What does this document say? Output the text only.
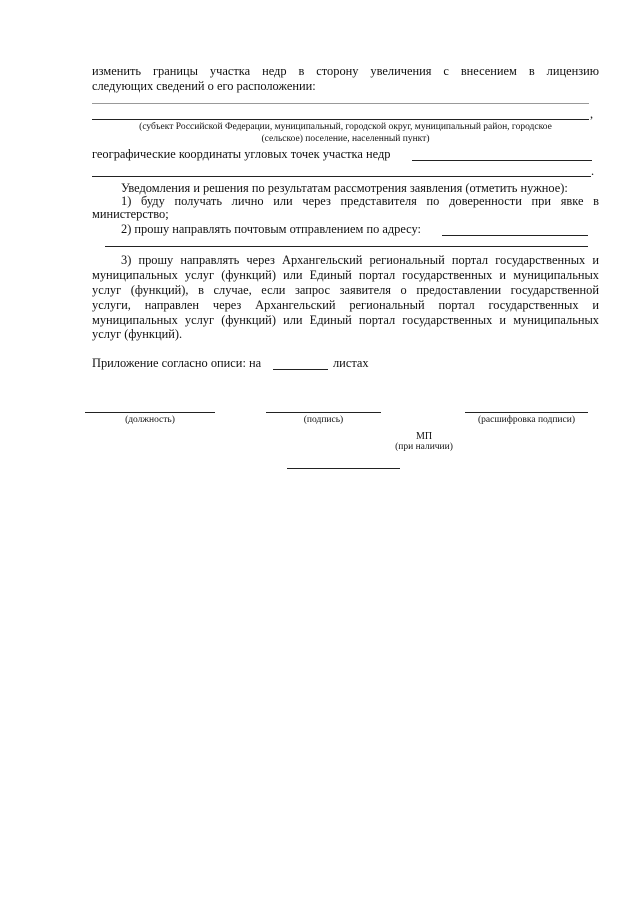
изменить границы участка недр в сторону увеличения с внесением в лицензию
следующих сведений о его расположении:
,
(субъект Российской Федерации, муниципальный, городской округ, муниципальный район, городское
(сельское) поселение, населенный пункт)
географические координаты угловых точек участка недр
.
Уведомления и решения по результатам рассмотрения заявления (отметить нужное):
1) буду получать лично или через представителя по доверенности при явке в
министерство;
2) прошу направлять почтовым отправлением по адресу:
3) прошу направлять через Архангельский региональный портал государственных и
муниципальных услуг (функций) или Единый портал государственных и муниципальных
услуг (функций), в случае, если запрос заявителя о предоставлении государственной
услуги, направлен через Архангельский региональный портал государственных и
муниципальных услуг (функций) или Единый портал государственных и муниципальных
услуг (функций).
Приложение согласно описи: на	листах
(должность)	(подпись)	(расшифровка подписи)
МП
(при наличии)
